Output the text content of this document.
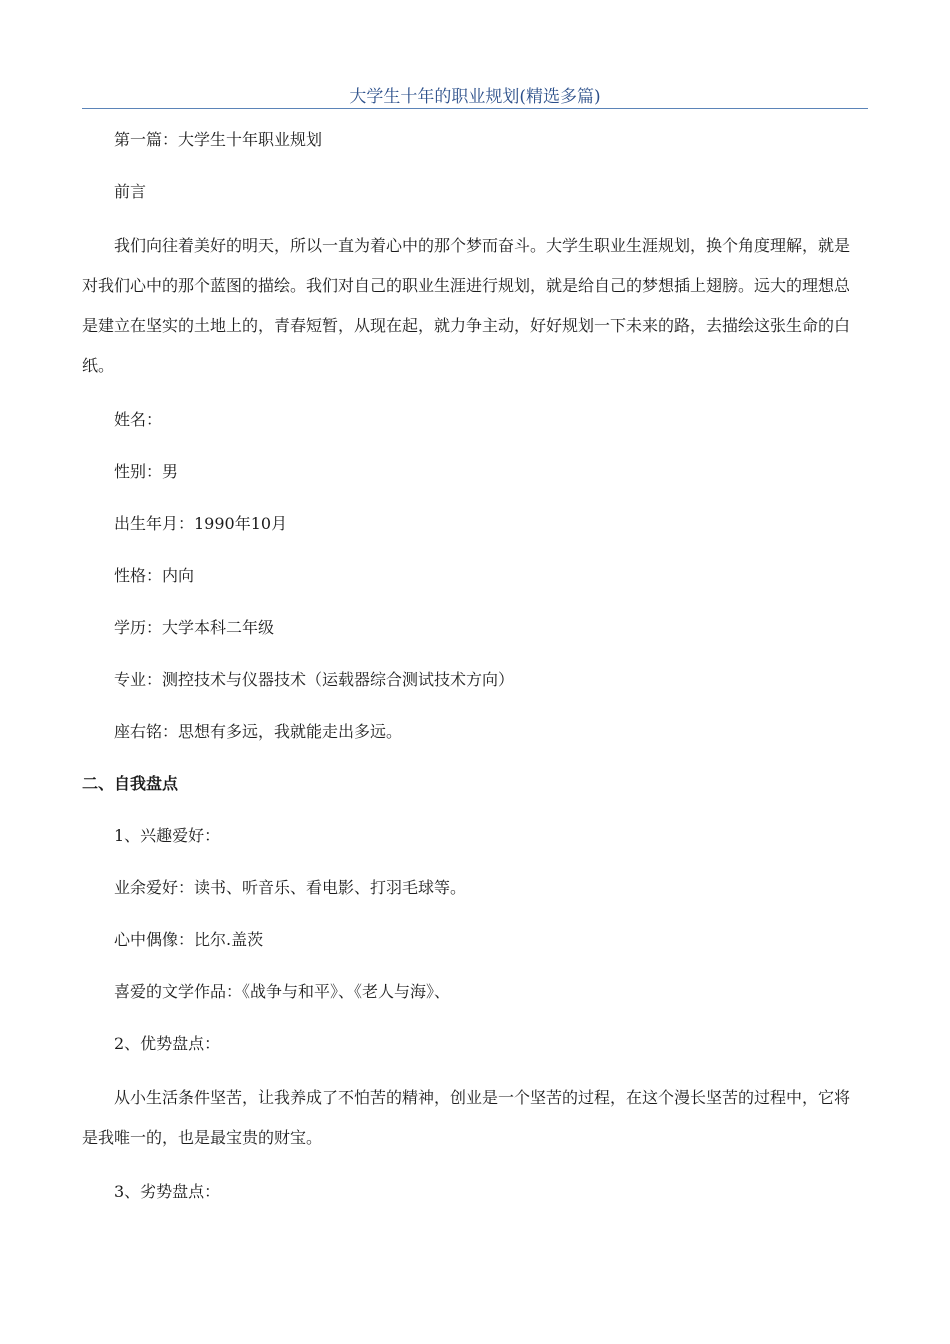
大学生十年的职业规划(精选多篇)

第一篇：大学生十年职业规划

前言

我们向往着美好的明天，所以一直为着心中的那个梦而奋斗。大学生职业生涯规划，换个角度理解，就是对我们心中的那个蓝图的描绘。我们对自己的职业生涯进行规划，就是给自己的梦想插上翅膀。远大的理想总是建立在坚实的土地上的，青春短暂，从现在起，就力争主动，好好规划一下未来的路，去描绘这张生命的白纸。

姓名：

性别：男

出生年月：1990年10月

性格：内向

学历：大学本科二年级

专业：测控技术与仪器技术（运载器综合测试技术方向）

座右铭：思想有多远，我就能走出多远。

二、自我盘点

1、兴趣爱好：

业余爱好：读书、听音乐、看电影、打羽毛球等。

心中偶像：比尔.盖茨

喜爱的文学作品：《战争与和平》、《老人与海》、

2、优势盘点：

从小生活条件坚苦，让我养成了不怕苦的精神，创业是一个坚苦的过程，在这个漫长坚苦的过程中，它将是我唯一的，也是最宝贵的财宝。

3、劣势盘点：
